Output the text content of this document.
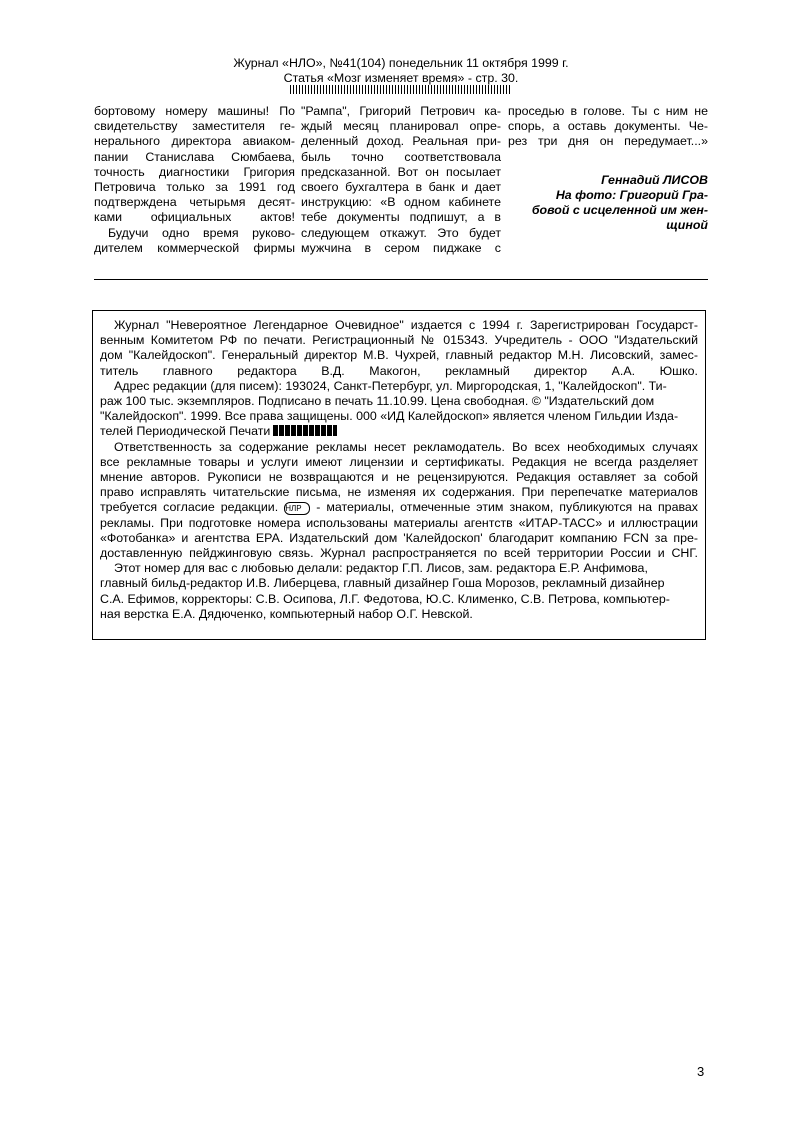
Журнал «НЛО», №41(104) понедельник 11 октября 1999 г.
Статья «Мозг изменяет время» - стр. 30.
бортовому номеру машины! По
свидетельству заместителя ге-
нерального директора авиаком-
пании Станислава Сюмбаева,
точность диагностики Григория
Петровича только за 1991 год
подтверждена четырьмя десят-
ками официальных актов!
Будучи одно время руково-
дителем коммерческой фирмы
"Рампа", Григорий Петрович ка-
ждый месяц планировал опре-
деленный доход. Реальная при-
быль точно соответствовала
предсказанной. Вот он посылает
своего бухгалтера в банк и дает
инструкцию: «В одном кабинете
тебе документы подпишут, а в
следующем откажут. Это будет
мужчина в сером пиджаке с
проседью в голове. Ты с ним не
спорь, а оставь документы. Че-
рез три дня он передумает...»
Геннадий ЛИСОВ
На фото: Григорий Гра-
бовой с исцеленной им жен-
щиной

Журнал "Невероятное Легендарное Очевидное" издается с 1994 г. Зарегистрирован Государст-
венным Комитетом РФ по печати. Регистрационный № 015343. Учредитель - ООО "Издательский
дом "Калейдоскоп". Генеральный директор М.В. Чухрей, главный редактор М.Н. Лисовский, замес-
титель главного редактора В.Д. Макогон, рекламный директор А.А. Юшко.

Адрес редакции (для писем): 193024, Санкт-Петербург, ул. Миргородская, 1, "Калейдоскоп". Ти-
раж 100 тыс. экземпляров. Подписано в печать 11.10.99. Цена свободная. © "Издательский дом
"Калейдоскоп". 1999. Все права защищены. 000 «ИД Калейдоскоп» является членом Гильдии Изда-
телей Периодической Печати

Ответственность за содержание рекламы несет рекламодатель. Во всех необходимых случаях
все рекламные товары и услуги имеют лицензии и сертификаты. Редакция не всегда разделяет
мнение авторов. Рукописи не возвращаются и не рецензируются. Редакция оставляет за собой
право исправлять читательские письма, не изменяя их содержания. При перепечатке материалов
требуется согласие редакции. НЛР - материалы, отмеченные этим знаком, публикуются на правах
рекламы. При подготовке номера использованы материалы агентств «ИТАР-ТАСС» и иллюстрации
«Фотобанка» и агентства ЕРА. Издательский дом 'Калейдоскоп' благодарит компанию FCN за пре-
доставленную пейджинговую связь. Журнал распространяется по всей территории России и СНГ.

Этот номер для вас с любовью делали: редактор Г.П. Лисов, зам. редактора Е.Р. Анфимова,
главный бильд-редактор И.В. Либерцева, главный дизайнер Гоша Морозов, рекламный дизайнер
С.А. Ефимов, корректоры: С.В. Осипова, Л.Г. Федотова, Ю.С. Клименко, С.В. Петрова, компьютер-
ная верстка Е.А. Дядюченко, компьютерный набор О.Г. Невской.

3
